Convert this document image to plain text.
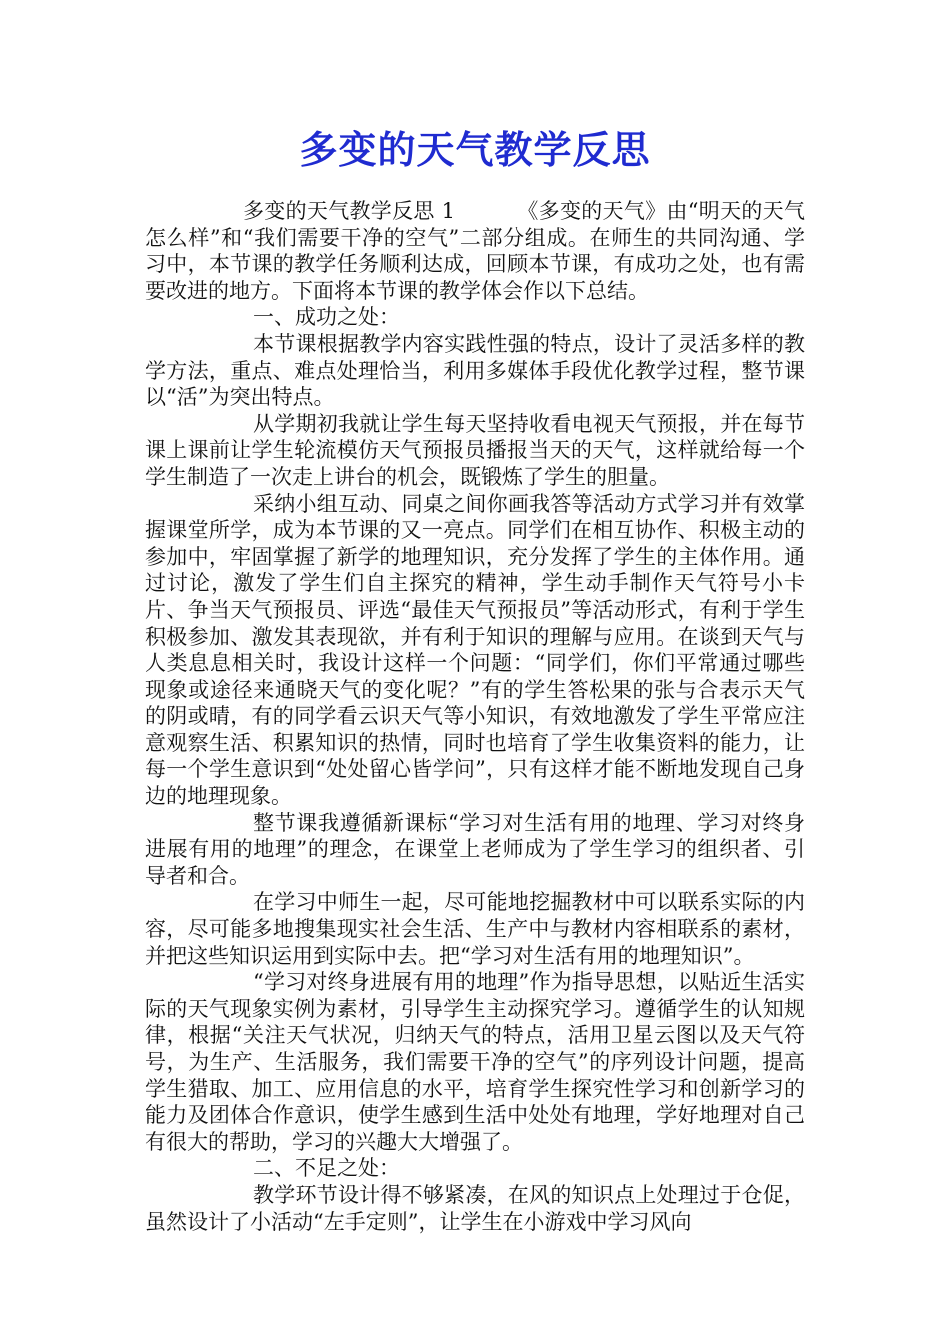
多变的天气教学反思

多变的天气教学反思 1	《多变的天气》由“明天的天气怎么样”和“我们需要干净的空气”二部分组成。在师生的共同沟通、学习中，本节课的教学任务顺利达成，回顾本节课，有成功之处，也有需要改进的地方。下面将本节课的教学体会作以下总结。

一、成功之处：

本节课根据教学内容实践性强的特点，设计了灵活多样的教学方法，重点、难点处理恰当，利用多媒体手段优化教学过程，整节课以“活”为突出特点。

从学期初我就让学生每天坚持收看电视天气预报，并在每节课上课前让学生轮流模仿天气预报员播报当天的天气，这样就给每一个学生制造了一次走上讲台的机会，既锻炼了学生的胆量。

采纳小组互动、同桌之间你画我答等活动方式学习并有效掌握课堂所学，成为本节课的又一亮点。同学们在相互协作、积极主动的参加中，牢固掌握了新学的地理知识，充分发挥了学生的主体作用。通过讨论，激发了学生们自主探究的精神，学生动手制作天气符号小卡片、争当天气预报员、评选“最佳天气预报员”等活动形式，有利于学生积极参加、激发其表现欲，并有利于知识的理解与应用。在谈到天气与人类息息相关时，我设计这样一个问题：“同学们，你们平常通过哪些现象或途径来通晓天气的变化呢？”有的学生答松果的张与合表示天气的阴或晴，有的同学看云识天气等小知识，有效地激发了学生平常应注意观察生活、积累知识的热情，同时也培育了学生收集资料的能力，让每一个学生意识到“处处留心皆学问”，只有这样才能不断地发现自己身边的地理现象。

整节课我遵循新课标“学习对生活有用的地理、学习对终身进展有用的地理”的理念，在课堂上老师成为了学生学习的组织者、引导者和合。

在学习中师生一起，尽可能地挖掘教材中可以联系实际的内容，尽可能多地搜集现实社会生活、生产中与教材内容相联系的素材，并把这些知识运用到实际中去。把“学习对生活有用的地理知识”。

“学习对终身进展有用的地理”作为指导思想，以贴近生活实际的天气现象实例为素材，引导学生主动探究学习。遵循学生的认知规律，根据“关注天气状况，归纳天气的特点，活用卫星云图以及天气符号，为生产、生活服务，我们需要干净的空气”的序列设计问题，提高学生猎取、加工、应用信息的水平，培育学生探究性学习和创新学习的能力及团体合作意识，使学生感到生活中处处有地理，学好地理对自己有很大的帮助，学习的兴趣大大增强了。

二、不足之处：

教学环节设计得不够紧凑，在风的知识点上处理过于仓促，虽然设计了小活动“左手定则”，让学生在小游戏中学习风向
